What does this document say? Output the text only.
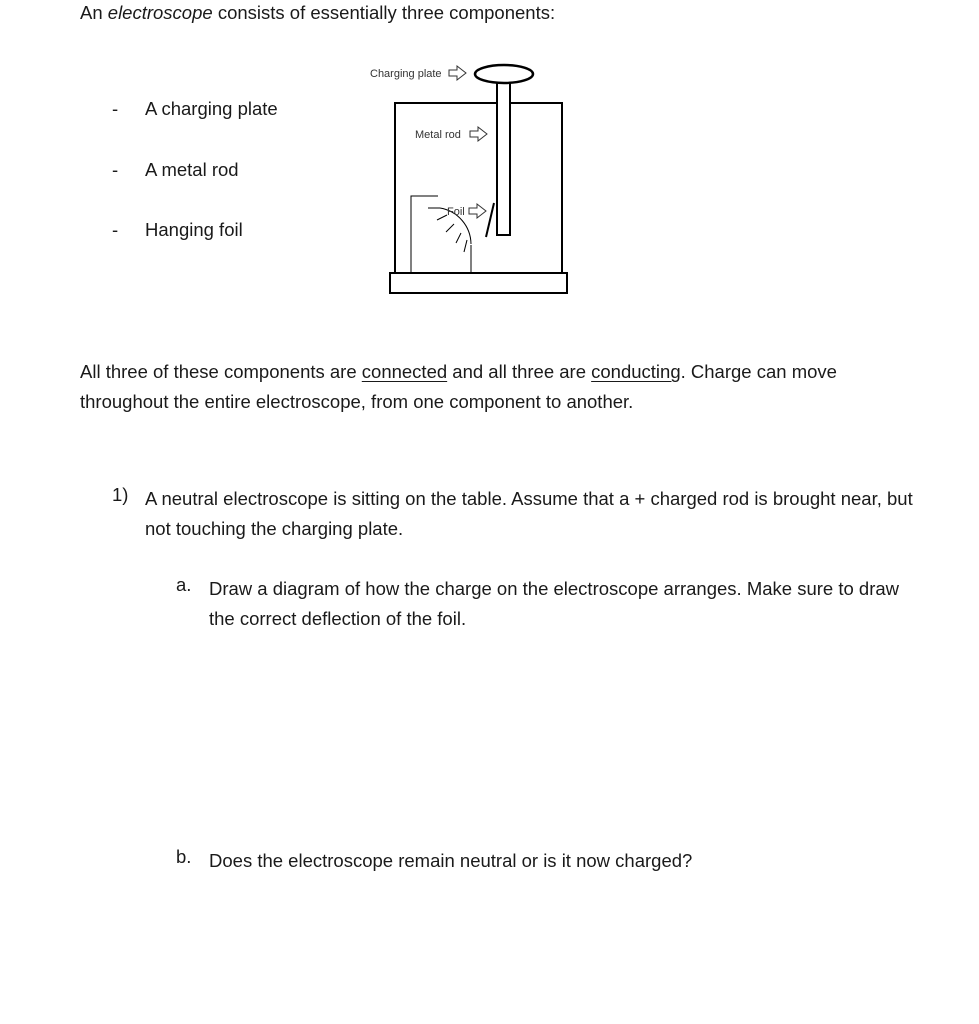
An electroscope consists of essentially three components:

- A charging plate
- A metal rod
- Hanging foil
Charging plate
Metal rod
Foil

All three of these components are connected and all three are conducting. Charge can move throughout the entire electroscope, from one component to another.

1) A neutral electroscope is sitting on the table. Assume that a + charged rod is brought near, but not touching the charging plate.

a. Draw a diagram of how the charge on the electroscope arranges. Make sure to draw the correct deflection of the foil.

b. Does the electroscope remain neutral or is it now charged?
